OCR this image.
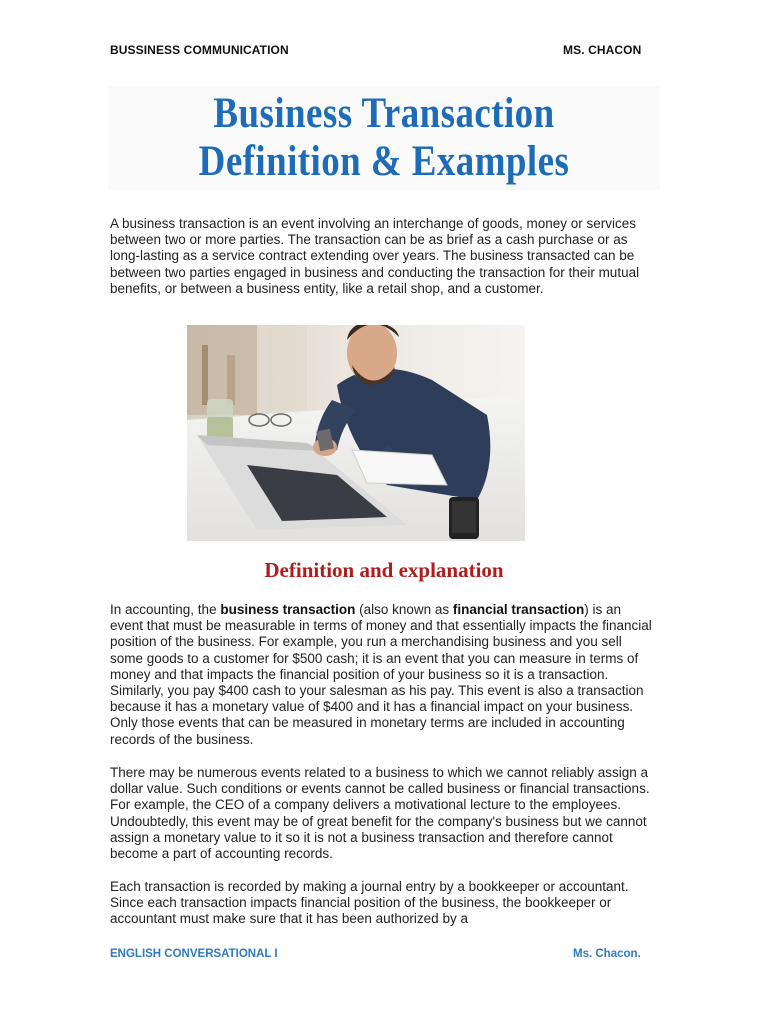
BUSSINESS COMMUNICATION	MS. CHACON
Business Transaction
Definition & Examples
A business transaction is an event involving an interchange of goods, money or services between two or more parties. The transaction can be as brief as a cash purchase or as long-lasting as a service contract extending over years. The business transacted can be between two parties engaged in business and conducting the transaction for their mutual benefits, or between a business entity, like a retail shop, and a customer.
Definition and explanation
In accounting, the business transaction (also known as financial transaction) is an event that must be measurable in terms of money and that essentially impacts the financial position of the business. For example, you run a merchandising business and you sell some goods to a customer for $500 cash; it is an event that you can measure in terms of money and that impacts the financial position of your business so it is a transaction. Similarly, you pay $400 cash to your salesman as his pay. This event is also a transaction because it has a monetary value of $400 and it has a financial impact on your business. Only those events that can be measured in monetary terms are included in accounting records of the business.
There may be numerous events related to a business to which we cannot reliably assign a dollar value. Such conditions or events cannot be called business or financial transactions. For example, the CEO of a company delivers a motivational lecture to the employees. Undoubtedly, this event may be of great benefit for the company's business but we cannot assign a monetary value to it so it is not a business transaction and therefore cannot become a part of accounting records.
Each transaction is recorded by making a journal entry by a bookkeeper or accountant. Since each transaction impacts financial position of the business, the bookkeeper or accountant must make sure that it has been authorized by a
ENGLISH CONVERSATIONAL I	Ms. Chacon.
